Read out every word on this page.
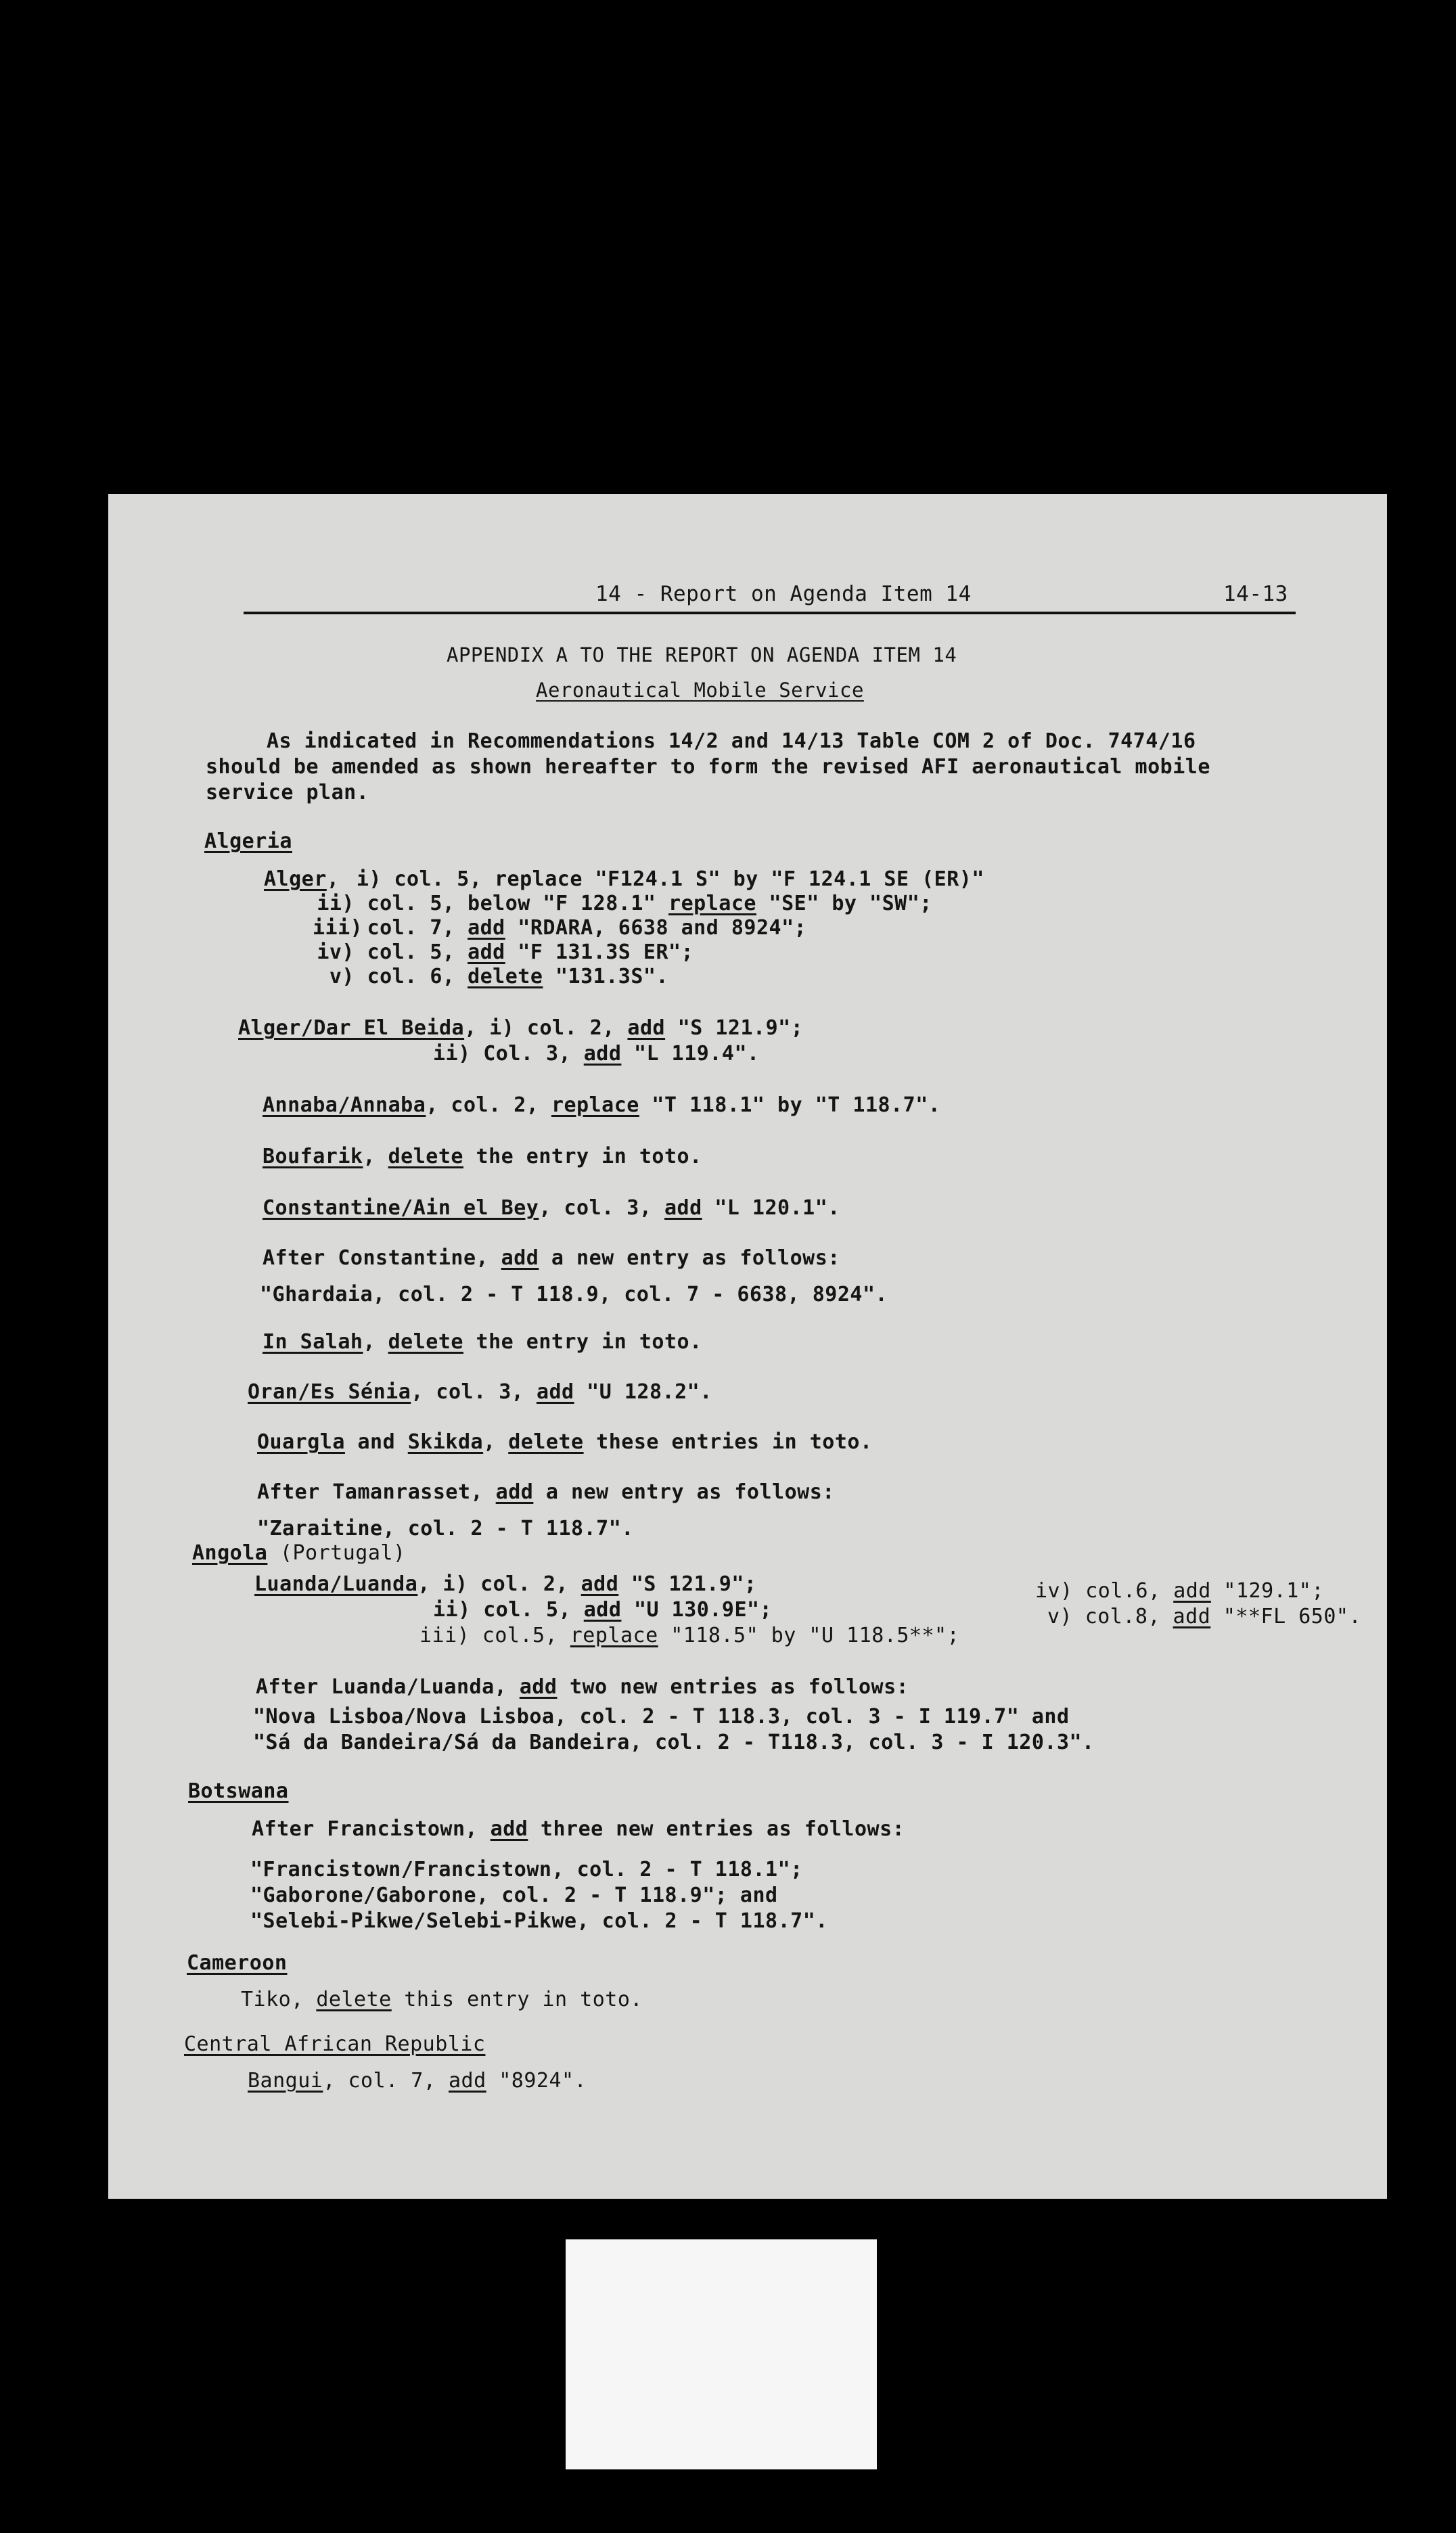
14 - Report on Agenda Item 14	14-13
APPENDIX A TO THE REPORT ON AGENDA ITEM 14
Aeronautical Mobile Service
As indicated in Recommendations 14/2 and 14/13 Table COM 2 of Doc. 7474/16
should be amended as shown hereafter to form the revised AFI aeronautical mobile
service plan.
Algeria
Alger, i) col. 5, replace "F124.1 S" by "F 124.1 SE (ER)"
ii) col. 5, below "F 128.1" replace "SE" by "SW";
iii) col. 7, add "RDARA, 6638 and 8924";
iv) col. 5, add "F 131.3S ER";
v) col. 6, delete "131.3S".
Alger/Dar El Beida, i) col. 2, add "S 121.9";
ii) Col. 3, add "L 119.4".
Annaba/Annaba, col. 2, replace "T 118.1" by "T 118.7".
Boufarik, delete the entry in toto.
Constantine/Ain el Bey, col. 3, add "L 120.1".
After Constantine, add a new entry as follows:
"Ghardaia, col. 2 - T 118.9, col. 7 - 6638, 8924".
In Salah, delete the entry in toto.
Oran/Es Sénia, col. 3, add "U 128.2".
Ouargla and Skikda, delete these entries in toto.
After Tamanrasset, add a new entry as follows:
"Zaraitine, col. 2 - T 118.7".
Angola (Portugal)
Luanda/Luanda, i) col. 2, add "S 121.9";
ii) col. 5, add "U 130.9E";
iii) col.5, replace "118.5" by "U 118.5**";
iv) col.6, add "129.1";
v) col.8, add "**FL 650".
After Luanda/Luanda, add two new entries as follows:
"Nova Lisboa/Nova Lisboa, col. 2 - T 118.3, col. 3 - I 119.7" and
"Sá da Bandeira/Sá da Bandeira, col. 2 - T118.3, col. 3 - I 120.3".
Botswana
After Francistown, add three new entries as follows:
"Francistown/Francistown, col. 2 - T 118.1";
"Gaborone/Gaborone, col. 2 - T 118.9"; and
"Selebi-Pikwe/Selebi-Pikwe, col. 2 - T 118.7".
Cameroon
Tiko, delete this entry in toto.
Central African Republic
Bangui, col. 7, add "8924".
